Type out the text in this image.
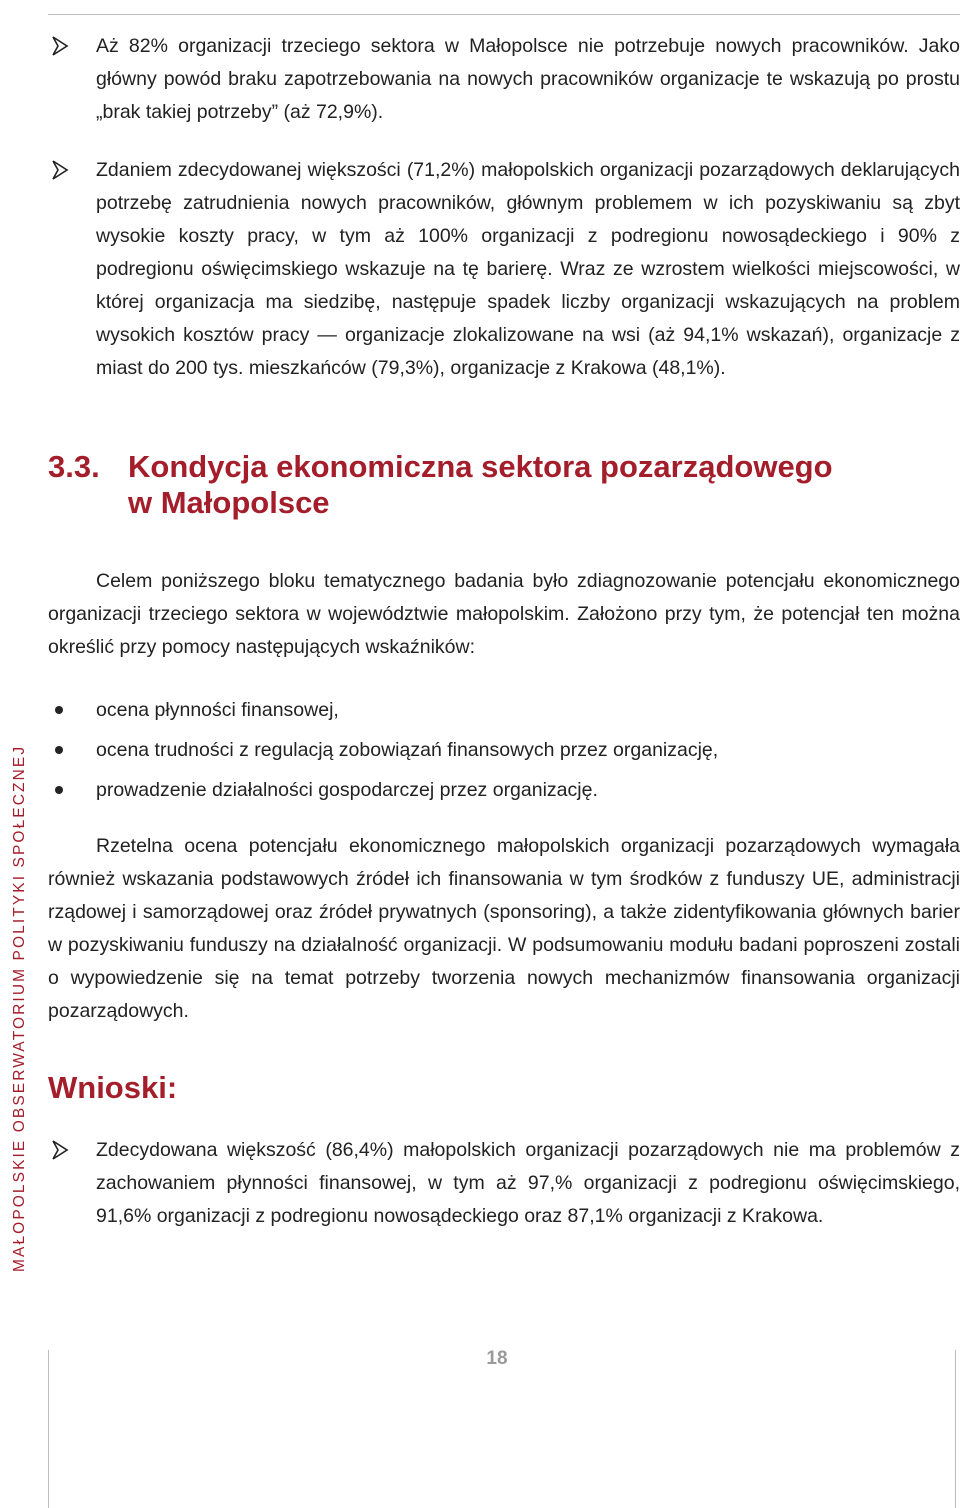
Aż 82% organizacji trzeciego sektora w Małopolsce nie potrzebuje nowych pracowników. Jako główny powód braku zapotrzebowania na nowych pracowników organizacje te wskazują po prostu „brak takiej potrzeby” (aż 72,9%).
Zdaniem zdecydowanej większości (71,2%) małopolskich organizacji pozarządowych deklarujących potrzebę zatrudnienia nowych pracowników, głównym problemem w ich pozyskiwaniu są zbyt wysokie koszty pracy, w tym aż 100% organizacji z podregionu nowosądeckiego i 90% z podregionu oświęcimskiego wskazuje na tę barierę. Wraz ze wzrostem wielkości miejscowości, w której organizacja ma siedzibę, następuje spadek liczby organizacji wskazujących na problem wysokich kosztów pracy — organizacje zlokalizowane na wsi (aż 94,1% wskazań), organizacje z miast do 200 tys. mieszkańców (79,3%), organizacje z Krakowa (48,1%).
3.3. Kondycja ekonomiczna sektora pozarządowego
w Małopolsce

Celem poniższego bloku tematycznego badania było zdiagnozowanie potencjału ekonomicznego organizacji trzeciego sektora w województwie małopolskim. Założono przy tym, że potencjał ten można określić przy pomocy następujących wskaźników:

ocena płynności finansowej,
ocena trudności z regulacją zobowiązań finansowych przez organizację,
prowadzenie działalności gospodarczej przez organizację.

Rzetelna ocena potencjału ekonomicznego małopolskich organizacji pozarządowych wymagała również wskazania podstawowych źródeł ich finansowania w tym środków z funduszy UE, administracji rządowej i samorządowej oraz źródeł prywatnych (sponsoring), a także zidentyfikowania głównych barier w pozyskiwaniu funduszy na działalność organizacji. W podsumowaniu modułu badani poproszeni zostali o wypowiedzenie się na temat potrzeby tworzenia nowych mechanizmów finansowania organizacji pozarządowych.

Wnioski:
Zdecydowana większość (86,4%) małopolskich organizacji pozarządowych nie ma problemów z zachowaniem płynności finansowej, w tym aż 97,% organizacji z podregionu oświęcimskiego, 91,6% organizacji z podregionu nowosądeckiego oraz 87,1% organizacji z Krakowa.
MAŁOPOLSKIE OBSERWATORIUM POLITYKI SPOŁECZNEJ
18
